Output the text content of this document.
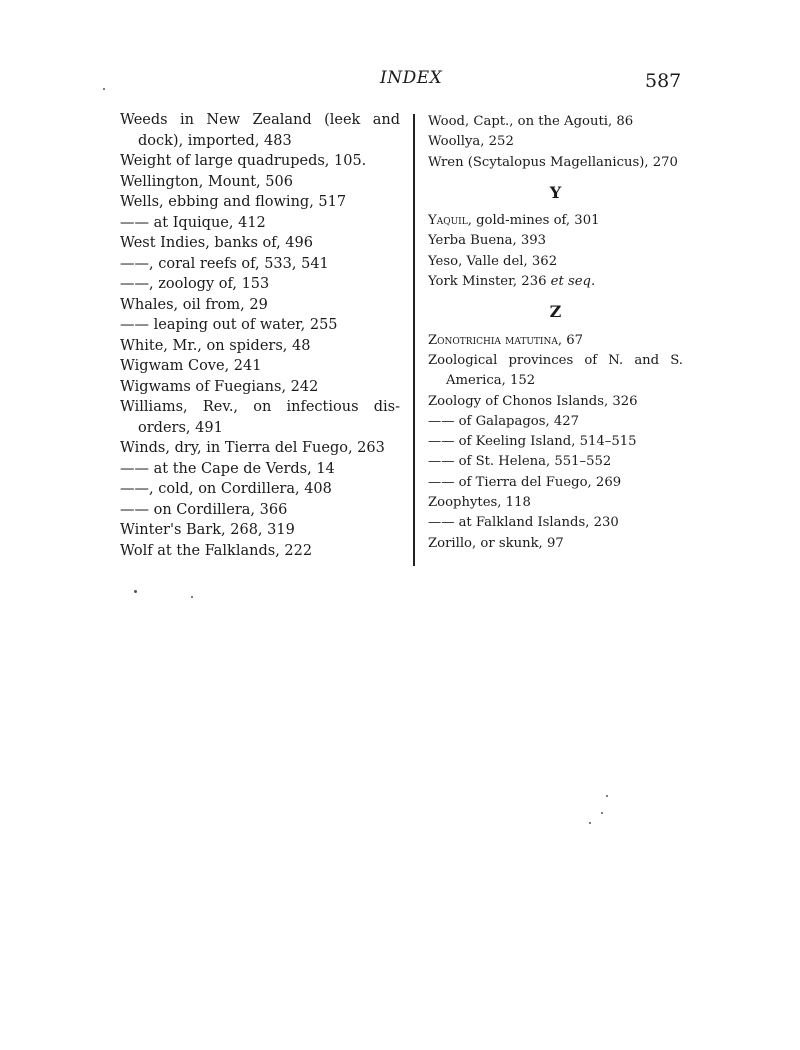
INDEX	587
Weeds in New Zealand (leek and
dock), imported, 483
Weight of large quadrupeds, 105.
Wellington, Mount, 506
Wells, ebbing and flowing, 517
—— at Iquique, 412
West Indies, banks of, 496
——, coral reefs of, 533, 541
——, zoology of, 153
Whales, oil from, 29
—— leaping out of water, 255
White, Mr., on spiders, 48
Wigwam Cove, 241
Wigwams of Fuegians, 242
Williams, Rev., on infectious dis-
orders, 491
Winds, dry, in Tierra del Fuego, 263
—— at the Cape de Verds, 14
——, cold, on Cordillera, 408
—— on Cordillera, 366
Winter's Bark, 268, 319
Wolf at the Falklands, 222
Wood, Capt., on the Agouti, 86
Woollya, 252
Wren (Scytalopus Magellanicus), 270
Y
Yaquil, gold-mines of, 301
Yerba Buena, 393
Yeso, Valle del, 362
York Minster, 236 et seq.
Z
Zonotrichia matutina, 67
Zoological provinces of N. and S.
America, 152
Zoology of Chonos Islands, 326
—— of Galapagos, 427
—— of Keeling Island, 514–515
—— of St. Helena, 551–552
—— of Tierra del Fuego, 269
Zoophytes, 118
—— at Falkland Islands, 230
Zorillo, or skunk, 97
